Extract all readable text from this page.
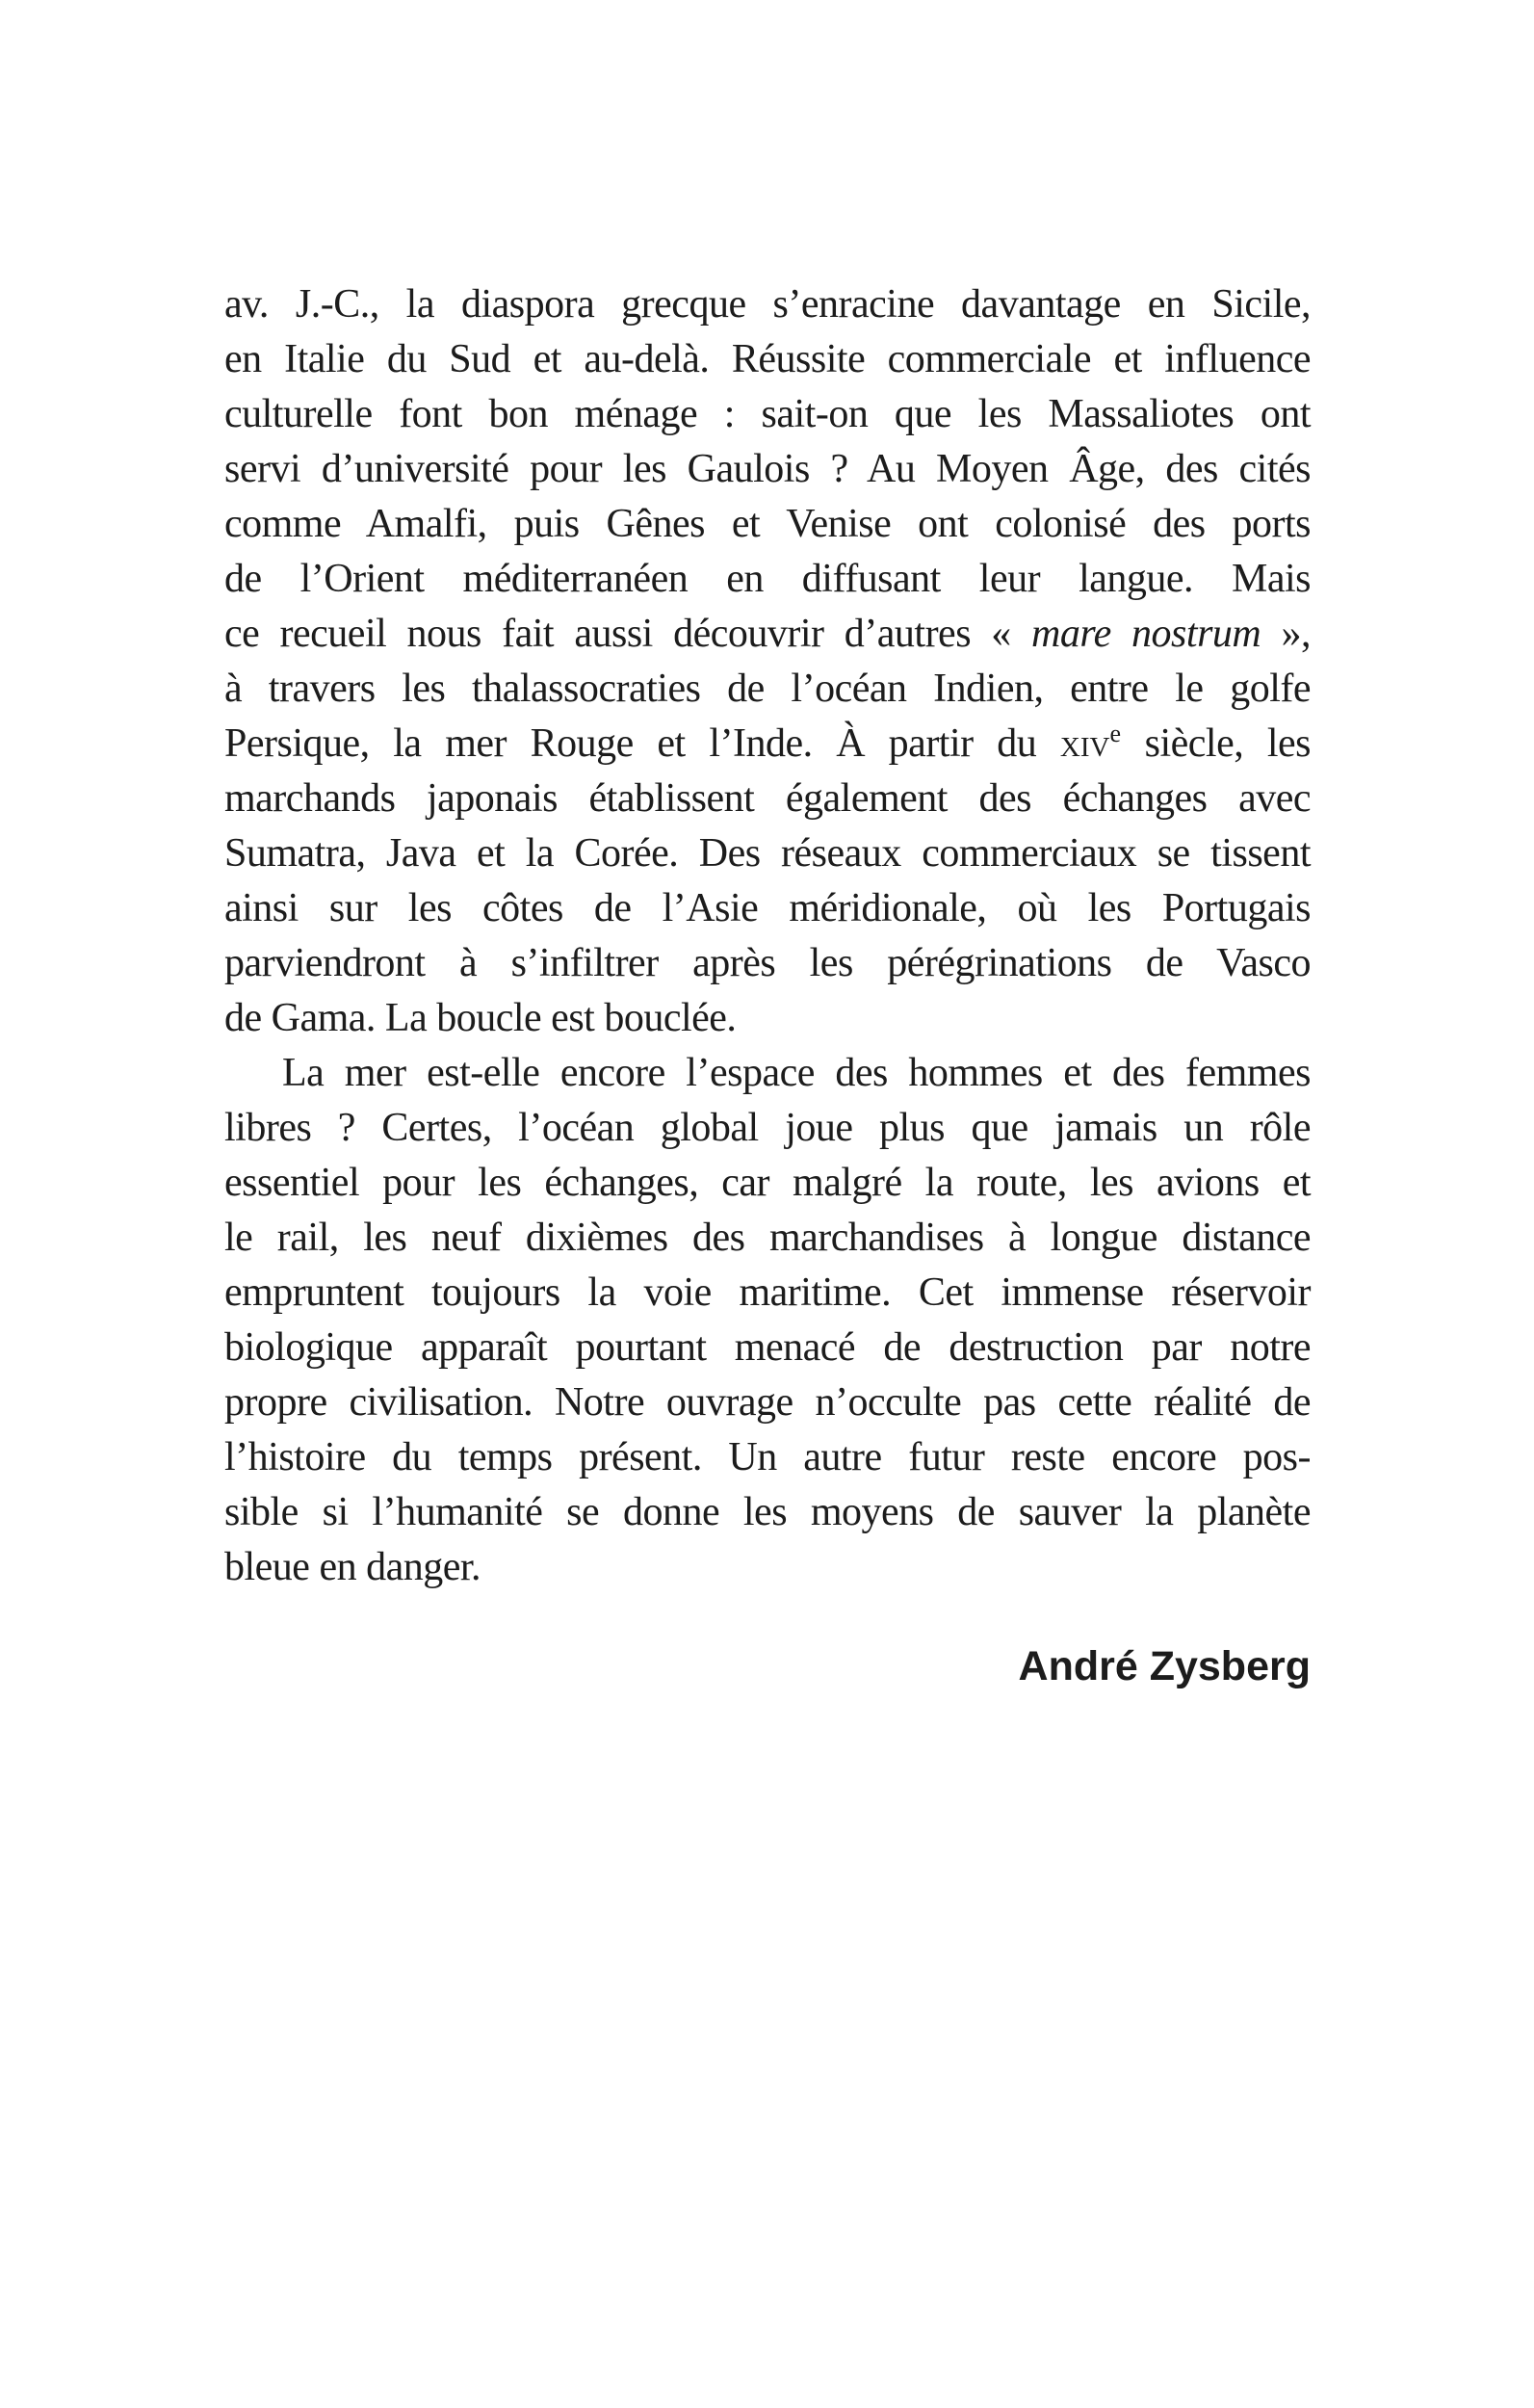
av. J.-C., la diaspora grecque s’enracine davantage en Sicile,
en Italie du Sud et au-delà. Réussite commerciale et influence
culturelle font bon ménage : sait-on que les Massaliotes ont
servi d’université pour les Gaulois ? Au Moyen Âge, des cités
comme Amalfi, puis Gênes et Venise ont colonisé des ports
de l’Orient méditerranéen en diffusant leur langue. Mais
ce recueil nous fait aussi découvrir d’autres « mare nostrum »,
à travers les thalassocraties de l’océan Indien, entre le golfe
Persique, la mer Rouge et l’Inde. À partir du xiv$^e$ siècle, les
marchands japonais établissent également des échanges avec
Sumatra, Java et la Corée. Des réseaux commerciaux se tissent
ainsi sur les côtes de l’Asie méridionale, où les Portugais
parviendront à s’infiltrer après les pérégrinations de Vasco
de Gama. La boucle est bouclée.
La mer est-elle encore l’espace des hommes et des femmes
libres ? Certes, l’océan global joue plus que jamais un rôle
essentiel pour les échanges, car malgré la route, les avions et
le rail, les neuf dixièmes des marchandises à longue distance
empruntent toujours la voie maritime. Cet immense réservoir
biologique apparaît pourtant menacé de destruction par notre
propre civilisation. Notre ouvrage n’occulte pas cette réalité de
l’histoire du temps présent. Un autre futur reste encore pos-
sible si l’humanité se donne les moyens de sauver la planète
bleue en danger.
André Zysberg
